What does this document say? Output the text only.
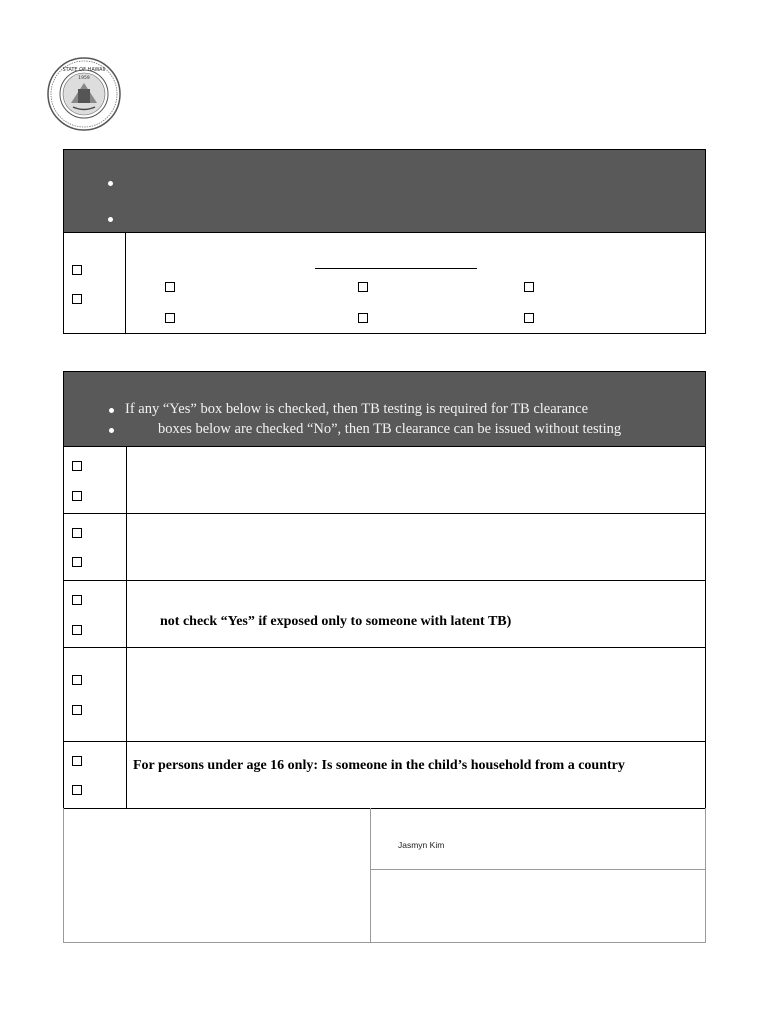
STATE OF HAWAII
1959
If any “Yes” box below is checked, then TB testing is required for TB clearance
boxes below are checked “No”, then TB clearance can be issued without testing
not check “Yes” if exposed only to someone with latent TB)
For persons under age 16 only: Is someone in the child’s household from a country
Jasmyn Kim
